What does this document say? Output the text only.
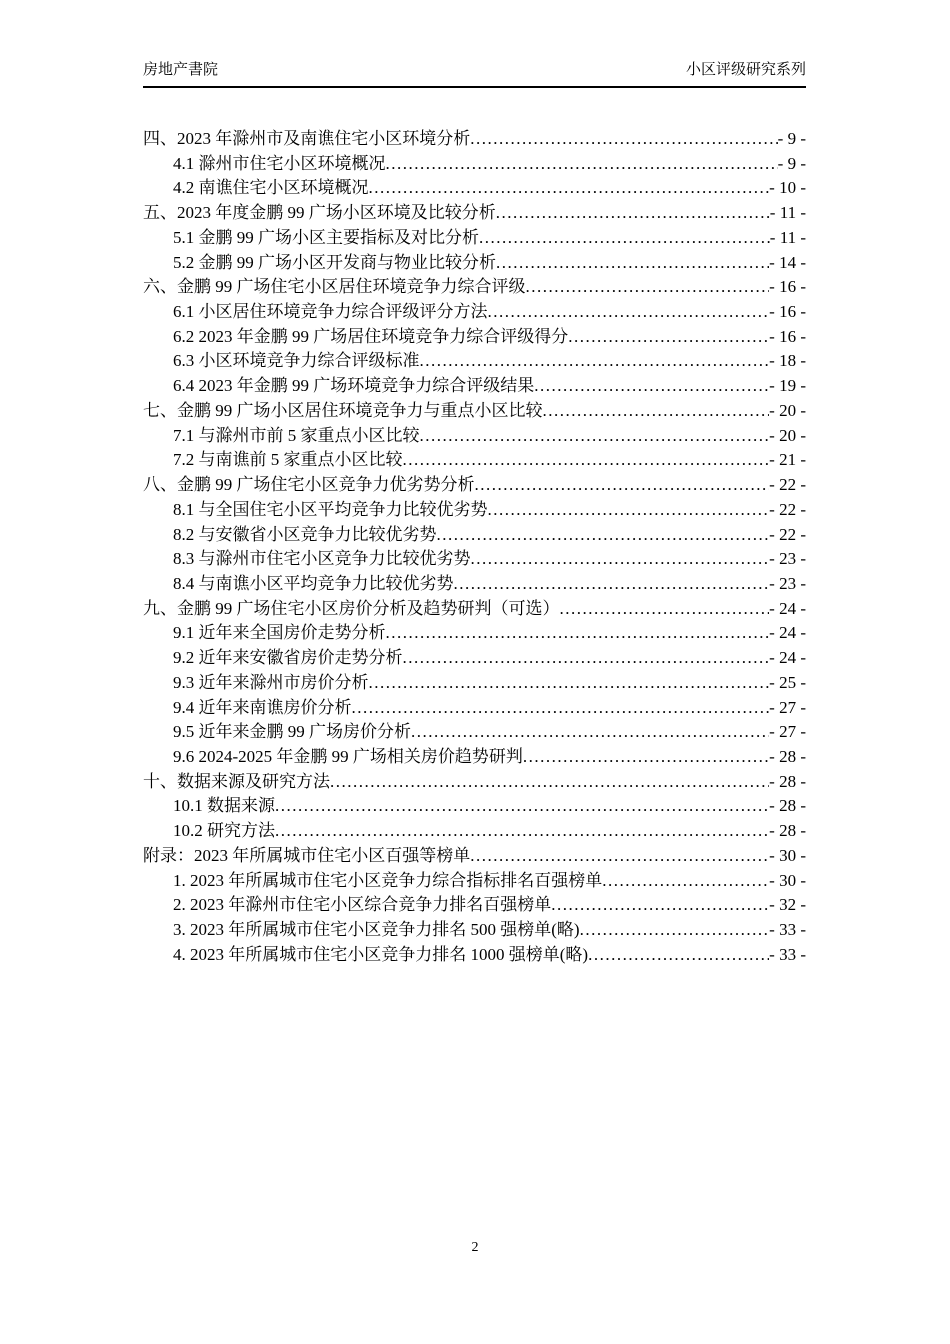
房地产書院	小区评级研究系列
四、2023 年滁州市及南谯住宅小区环境分析 .....	- 9 -
4.1 滁州市住宅小区环境概况 .....	- 9 -
4.2 南谯住宅小区环境概况 .....	- 10 -
五、2023 年度金鹏 99 广场小区环境及比较分析 .....	- 11 -
5.1 金鹏 99 广场小区主要指标及对比分析 .....	- 11 -
5.2 金鹏 99 广场小区开发商与物业比较分析 .....	- 14 -
六、金鹏 99 广场住宅小区居住环境竞争力综合评级 .....	- 16 -
6.1 小区居住环境竞争力综合评级评分方法 .....	- 16 -
6.2 2023 年金鹏 99 广场居住环境竞争力综合评级得分 .....	- 16 -
6.3 小区环境竞争力综合评级标准 .....	- 18 -
6.4 2023 年金鹏 99 广场环境竞争力综合评级结果 .....	- 19 -
七、金鹏 99 广场小区居住环境竞争力与重点小区比较 .....	- 20 -
7.1 与滁州市前 5 家重点小区比较 .....	- 20 -
7.2 与南谯前 5 家重点小区比较 .....	- 21 -
八、金鹏 99 广场住宅小区竞争力优劣势分析 .....	- 22 -
8.1 与全国住宅小区平均竞争力比较优劣势 .....	- 22 -
8.2 与安徽省小区竞争力比较优劣势 .....	- 22 -
8.3 与滁州市住宅小区竞争力比较优劣势 .....	- 23 -
8.4 与南谯小区平均竞争力比较优劣势 .....	- 23 -
九、金鹏 99 广场住宅小区房价分析及趋势研判（可选） .....	- 24 -
9.1 近年来全国房价走势分析 .....	- 24 -
9.2 近年来安徽省房价走势分析 .....	- 24 -
9.3 近年来滁州市房价分析 .....	- 25 -
9.4 近年来南谯房价分析 .....	- 27 -
9.5 近年来金鹏 99 广场房价分析 .....	- 27 -
9.6 2024-2025 年金鹏 99 广场相关房价趋势研判 .....	- 28 -
十、数据来源及研究方法 .....	- 28 -
10.1 数据来源 .....	- 28 -
10.2 研究方法 .....	- 28 -
附录：2023 年所属城市住宅小区百强等榜单 .....	- 30 -
1. 2023 年所属城市住宅小区竞争力综合指标排名百强榜单 .....	- 30 -
2. 2023 年滁州市住宅小区综合竞争力排名百强榜单 .....	- 32 -
3. 2023 年所属城市住宅小区竞争力排名 500 强榜单(略) .....	- 33 -
4. 2023 年所属城市住宅小区竞争力排名 1000 强榜单(略) .....	- 33 -
2
